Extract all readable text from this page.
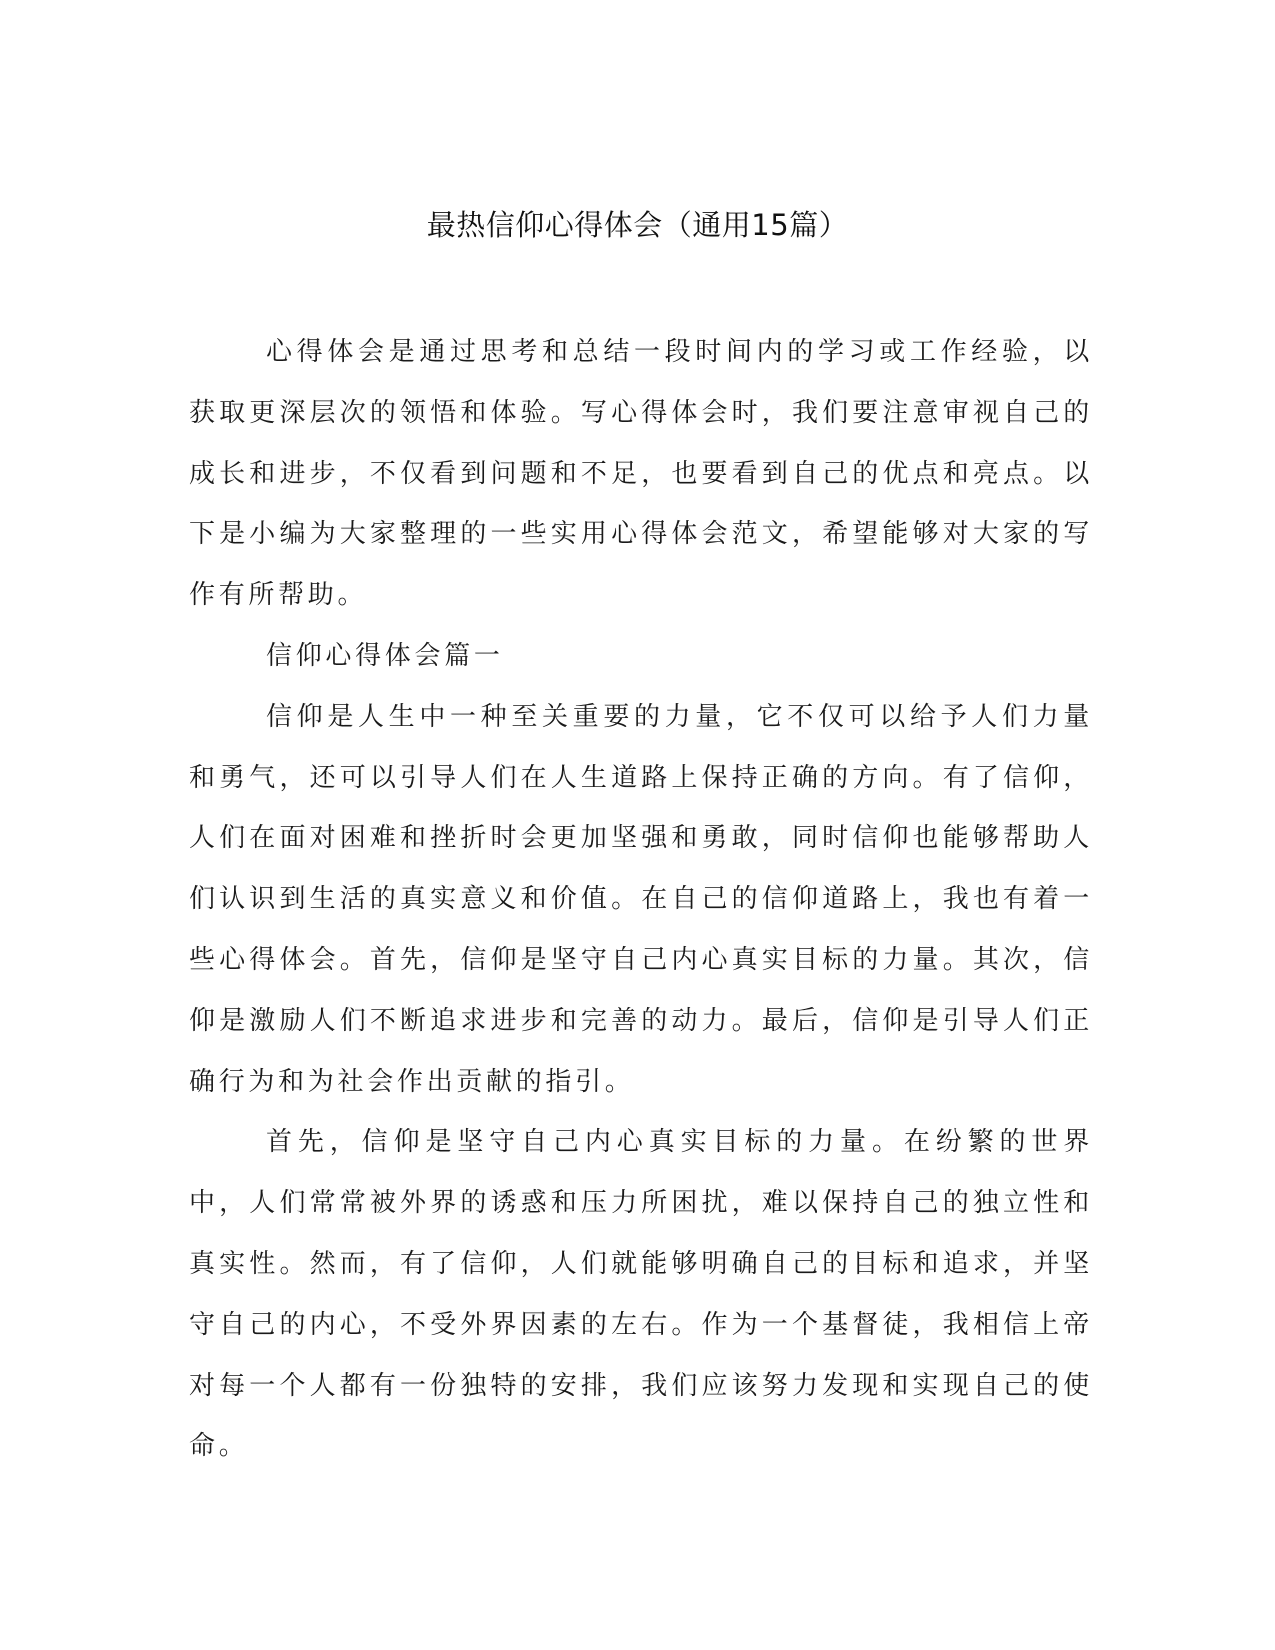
最热信仰心得体会（通用15篇）

心得体会是通过思考和总结一段时间内的学习或工作经验，以获取更深层次的领悟和体验。写心得体会时，我们要注意审视自己的成长和进步，不仅看到问题和不足，也要看到自己的优点和亮点。以下是小编为大家整理的一些实用心得体会范文，希望能够对大家的写作有所帮助。

信仰心得体会篇一

信仰是人生中一种至关重要的力量，它不仅可以给予人们力量和勇气，还可以引导人们在人生道路上保持正确的方向。有了信仰，人们在面对困难和挫折时会更加坚强和勇敢，同时信仰也能够帮助人们认识到生活的真实意义和价值。在自己的信仰道路上，我也有着一些心得体会。首先，信仰是坚守自己内心真实目标的力量。其次，信仰是激励人们不断追求进步和完善的动力。最后，信仰是引导人们正确行为和为社会作出贡献的指引。

首先，信仰是坚守自己内心真实目标的力量。在纷繁的世界中，人们常常被外界的诱惑和压力所困扰，难以保持自己的独立性和真实性。然而，有了信仰，人们就能够明确自己的目标和追求，并坚守自己的内心，不受外界因素的左右。作为一个基督徒，我相信上帝对每一个人都有一份独特的安排，我们应该努力发现和实现自己的使命。
